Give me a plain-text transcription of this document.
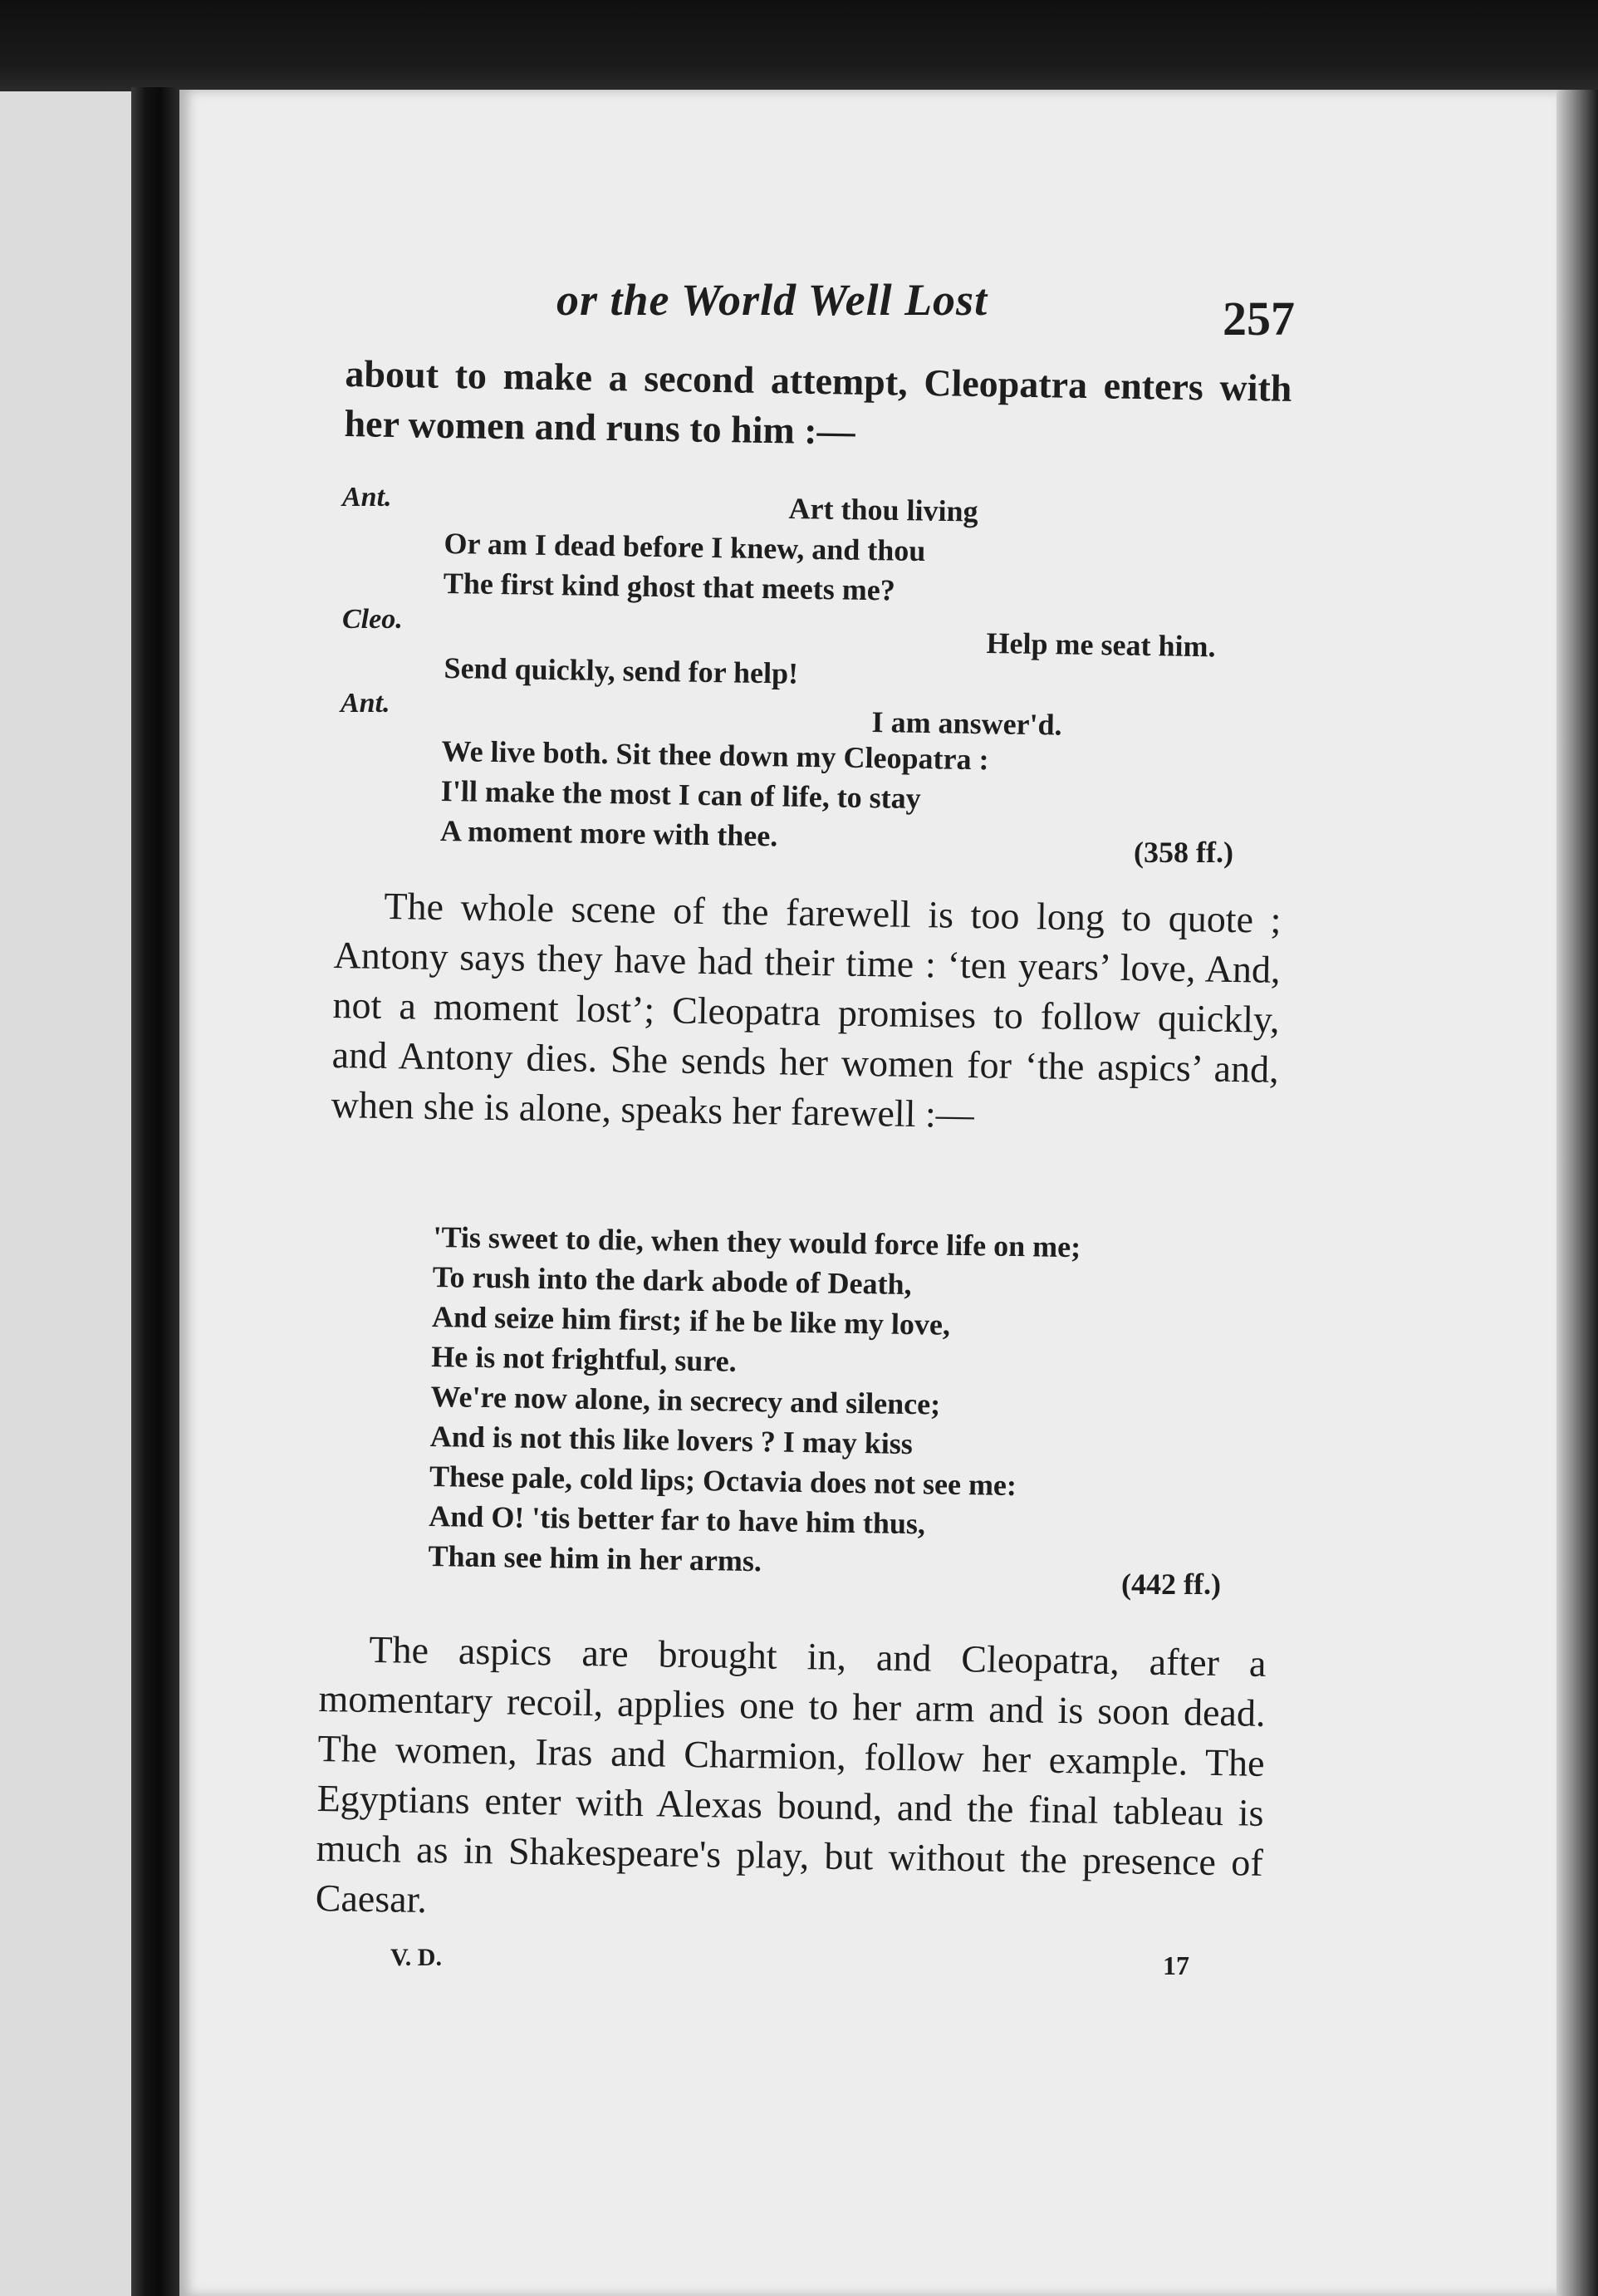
or the World Well Lost	257

about to make a second attempt, Cleopatra enters with her women and runs to him :—

Ant.
Cleo.
Ant.
Art thou living
Or am I dead before I knew, and thou
The first kind ghost that meets me?
Help me seat him.
Send quickly, send for help!
I am answer'd.
We live both. Sit thee down my Cleopatra :
I'll make the most I can of life, to stay
A moment more with thee.	(358 ff.)

The whole scene of the farewell is too long to quote ; Antony says they have had their time : ‘ten years’ love, And, not a moment lost’; Cleopatra promises to follow quickly, and Antony dies. She sends her women for ‘the aspics’ and, when she is alone, speaks her farewell :—

'Tis sweet to die, when they would force life on me;
To rush into the dark abode of Death,
And seize him first; if he be like my love,
He is not frightful, sure.
We're now alone, in secrecy and silence;
And is not this like lovers ? I may kiss
These pale, cold lips; Octavia does not see me:
And O! 'tis better far to have him thus,
Than see him in her arms.
(442 ff.)

The aspics are brought in, and Cleopatra, after a momentary recoil, applies one to her arm and is soon dead. The women, Iras and Charmion, follow her example. The Egyptians enter with Alexas bound, and the final tableau is much as in Shakespeare's play, but without the presence of Caesar.

V. D.	17
